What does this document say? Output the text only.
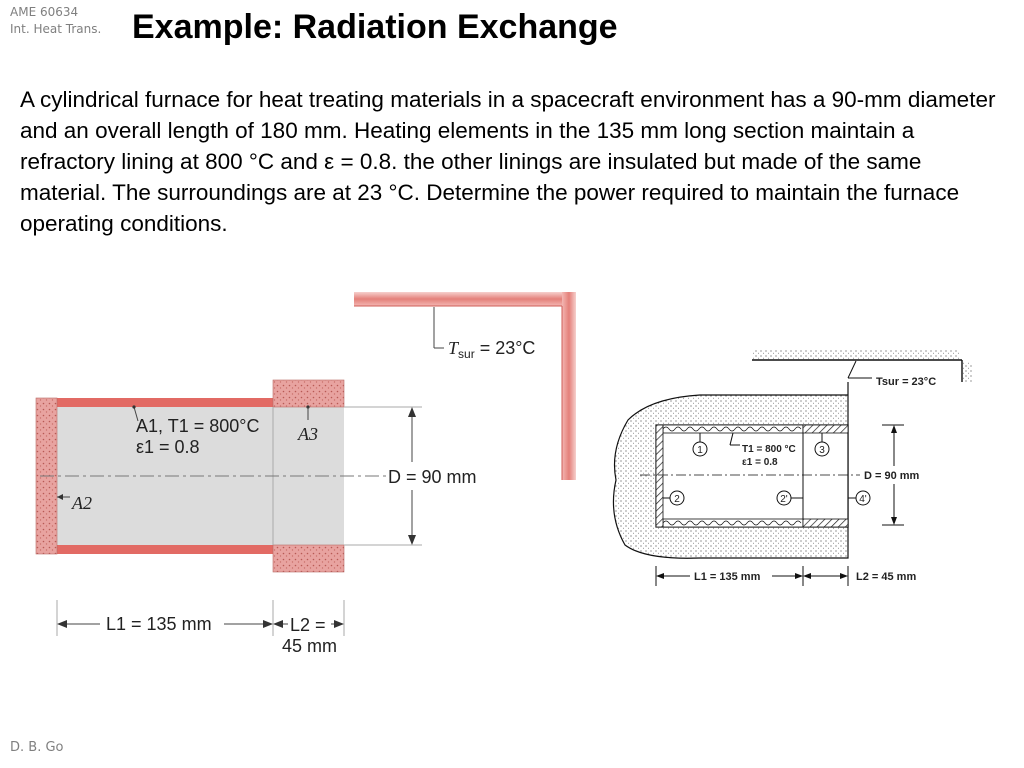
AME 60634
Int. Heat Trans. Example: Radiation Exchange

A cylindrical furnace for heat treating materials in a spacecraft environment has a 90-mm diameter and an overall length of 180 mm. Heating elements in the 135 mm long section maintain a refractory lining at 800 °C and ε = 0.8. the other linings are insulated but made of the same material. The surroundings are at 23 °C. Determine the power required to maintain the furnace operating conditions.

$T_{sur} = 23^\circ C$
A1, T1 = 800°C
ε1 = 0.8
A3
A2
D = 90 mm
L1 = 135 mm	L2 =
45 mm
Tsur = 23°C
1	3
2	2'	4'
T1 = 800 °C
ε1 = 0.8
D = 90 mm
L1 = 135 mm	L2 = 45 mm
D. B. Go
